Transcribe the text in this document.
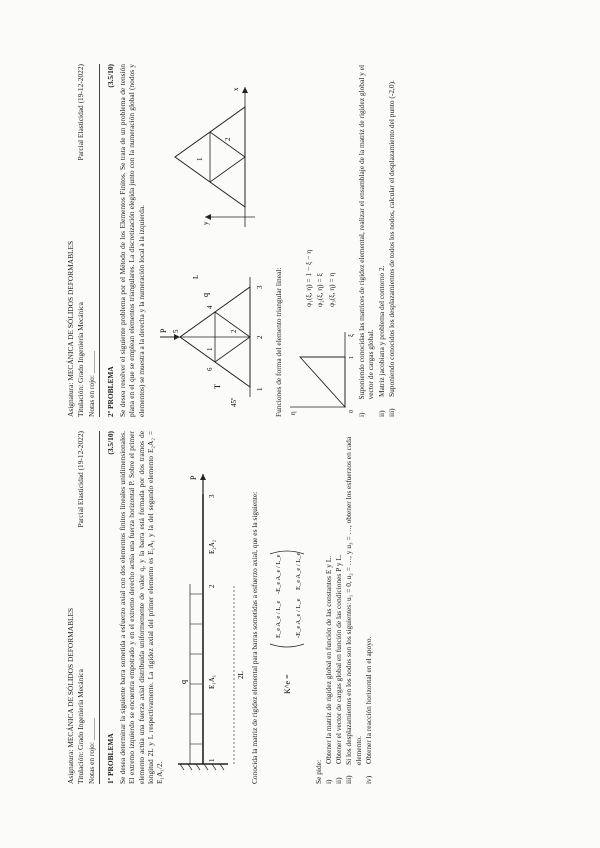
Asignatura: MECÁNICA DE SÓLIDOS DEFORMABLES Titulación: Grado Ingeniería Mecánica Notas en rojo: ______
Parcial Elasticidad (19-12-2022)
1º PROBLEMA
(3.5/10) Se desea determinar la siguiente barra sometida a esfuerzo axial con dos elementos finitos lineales unidimensionales. El extremo izquierdo se encuentra empotrado y en el extremo derecho actúa una fuerza horizontal P. Sobre el primer elemento actúa una fuerza axial distribuida uniformemente de valor q, y la barra está formada por dos tramos de longitud 2L y L respectivamente. La rigidez axial del primer elemento es E₁A₁ y la del segundo elemento E₂A₂ = E₁A₁/2.
q
P
E₁A₁
E₂A₂
1
2
3
2L Conocida la matriz de rigidez elemental para barras sometidas a esfuerzo axial, que es la siguiente:	K^e =
E_e A_e / L_e
-E_e A_e / L_e
-E_e A_e / L_e
E_e A_e / L_e
Se pide: i)
Obtener la matriz de rigidez global en función de las constantes E y L.
ii)
Obtener el vector de cargas global en función de las condiciones P y L.
iii)
Si los desplazamientos en los nodos son los siguientes: u₁ = 0, u₂ = …, y u₃ = …, obtener los esfuerzos en cada elemento.
iv)
Obtener la reacción horizontal en el apoyo.
Asignatura: MECÁNICA DE SÓLIDOS DEFORMABLES Titulación: Grado Ingeniería Mecánica Notas en rojo: ______
Parcial Elasticidad (19-12-2022)
2º PROBLEMA
(3.5/10) Se desea resolver el siguiente problema por el Método de los Elementos Finitos. Se trata de un problema de tensión plana en el que se emplean elementos triangulares. La discretización elegida junto con la numeración global (nodos y elementos) se muestra a la derecha y la numeración local a la izquierda. P
T
45º
q
L
1
2
1
2
3
4
5
6
x
y
1
2
Funciones de forma del elemento triangular lineal:	ξ
η
1
0
φ₁(ξ, η) = 1 − ξ − η φ₂(ξ, η) = ξ φ₃(ξ, η) = η
i)
Suponiendo conocidas las matrices de rigidez elemental, realizar el ensamblaje de la matriz de rigidez global y el vector de cargas global.
ii)
Matriz jacobiana y problema del contorno 2.
iii)
Suponiendo conocidos los desplazamientos de todos los nodos, calcular el desplazamiento del punto (-2,0).
